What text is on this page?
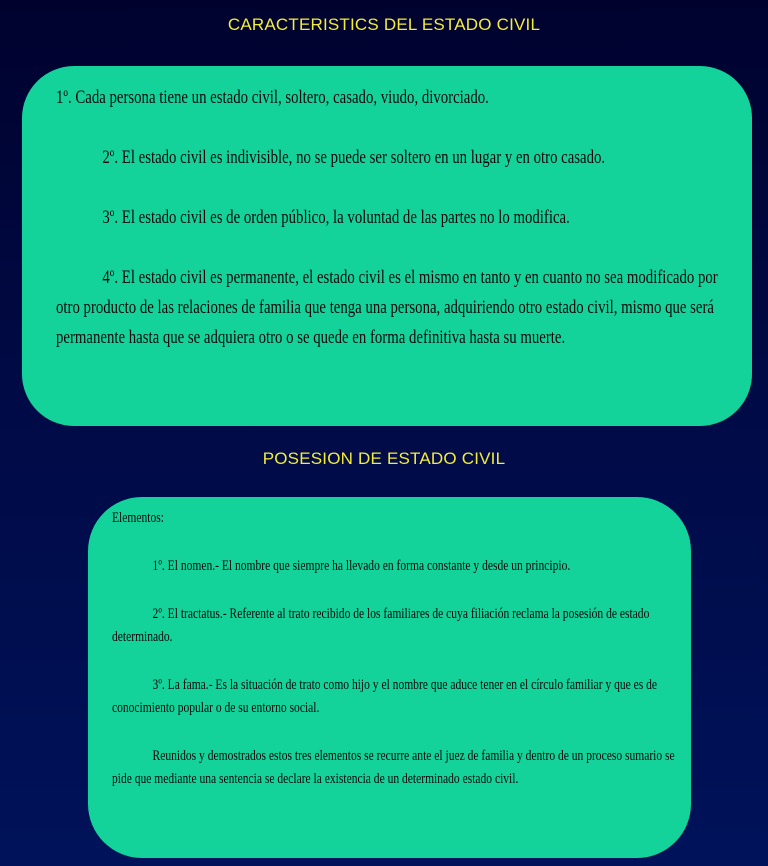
CARACTERISTICS DEL ESTADO CIVIL

1º. Cada persona tiene un estado civil, soltero, casado, viudo, divorciado.

2º. El estado civil es indivisible, no se puede ser soltero en un lugar y en otro casado.

3º. El estado civil es de orden público, la voluntad de las partes no lo modifica.

4º. El estado civil es permanente, el estado civil es el mismo en tanto y en cuanto no sea modificado por otro producto de las relaciones de familia que tenga una persona, adquiriendo otro estado civil, mismo que será permanente hasta que se adquiera otro o se quede en forma definitiva hasta su muerte.

POSESION DE ESTADO CIVIL

Elementos:

1º. El nomen.- El nombre que siempre ha llevado en forma constante y desde un principio.

2º. El tractatus.- Referente al trato recibido de los familiares de cuya filiación reclama la posesión de estado determinado.

3º. La fama.- Es la situación de trato como hijo y el nombre que aduce tener en el círculo familiar y que es de conocimiento popular o de su entorno social.

Reunidos y demostrados estos tres elementos se recurre ante el juez de familia y dentro de un proceso sumario se pide que mediante una sentencia se declare la existencia de un determinado estado civil.
